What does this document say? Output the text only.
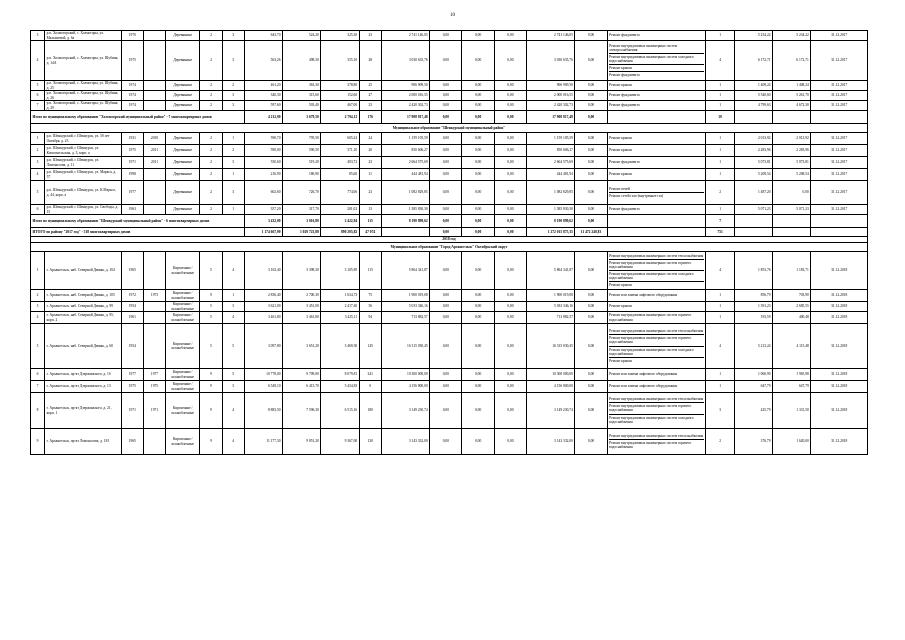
10
3	р.п. Холмогорский, с. Холмогоры, ул. Малышевой, д. 6а	1970		Деревянные	2	3	643,70	524,20	325,30	23	2 741 146,05	0,00	0,00	0,00	2 741 146,05	0,00	Ремонт фундамента	1	5 234,22	5 234,22	31.12.2017
4	р.п. Холмогорский, с. Холмогоры, ул. Шубина, д. 14А	1975		Деревянные	2	3	563,26	498,30	355,10	28	3 030 635,76	0,00	0,00	0,00	3 030 635,76	0,00	Ремонт внутридомовых инженерных систем электроснабжения
Ремонт внутридомовых инженерных систем холодного водоснабжения
Ремонт крыши
Ремонт фундамента	4	6 172,71	6 172,71	31.12.2017
5	р.п. Холмогорский, с. Холмогоры, ул. Шубина, д. 25	1974		Деревянные	2	2	461,20	363,30	378,80	25	906 909,50	0,00	0,00	0,00	906 909,50	0,00	Ремонт крыши	1	1 408,24	1 408,24	31.12.2017
6	р.п. Холмогорский, с. Холмогоры, ул. Шубина, д. 26	1974		Деревянные	2	3	340,30	315,60	152,60	27	2 000 016,55	0,00	0,00	0,00	2 000 016,55	0,00	Ремонт фундамента	1	5 540,60	5 261,70	31.12.2017
7	р.п. Холмогорский, с. Холмогоры, ул. Шубина, д. 29	1974		Деревянные	2	3	597,60	503,40	467,00	23	2 420 302,73	0,00	0,00	0,00	2 420 302,73	0,00	Ремонт фундамента	1	4 799,63	4 672,30	31.12.2017
Итого по муниципальному образованию "Холмогорский муниципальный район" - 7 многоквартирных домов							4 212,00	3 679,50	2 794,12	176	17 908 817,48	0,00	0,00	0,00	17 908 817,48	0,00		10			
Муниципальное образование "Шенкурский муниципальный район"																					
1	р.п. Шенкурский, г. Шенкурск, ул. 50 лет Октября, д. 23	1931	2010	Деревянные	2	1	590,70	795,50	605,24	24	1 159 105,59	0,00	0,00	0,00	1 159 105,59	0,00	Ремонт крыши	1	2 013,92	2 013,92	31.12.2017
2	р.п. Шенкурский, г. Шенкурск, ул. Комсомольская, д. 3, корп. а	1975	2011	Деревянные	2	2	590,00	590,50	371,10	20	850 606,27	0,00	0,00	0,00	850 606,27	0,00	Ремонт крыши	1	2 283,96	2 283,96	31.12.2017
3	р.п. Шенкурский, г. Шенкурск, ул. Ломоносова, д. 11	1971	2011	Деревянные	2	3	550,60	519,20	403,72	23	2 664 575,69	0,00	0,00	0,00	2 664 575,69	0,00	Ремонт фундамента	1	5 073,81	5 073,81	31.12.2017
4	р.п. Шенкурский, г. Шенкурск, ул. Маркса, д. 57	1998		Деревянные	2	1	216,90	186,90	85,60	11	444 481,94	0,00	0,00	0,00	444 481,94	0,00	Ремонт крыши	1	5 208,54	5 208,54	31.12.2017
5	р.п. Шенкурский, г. Шенкурск, ул. К.Маркса, д. 44, корп. а	1977		Деревянные	2	3	602,60	726,70	774,06	23	1 082 829,85	0,00	0,00	0,00	1 082 829,85	0,00	Ремонт печей
Ремонт сетей газо-(внутреннее газ)	2	1 487,20	0,00	31.12.2017
6	р.п. Шенкурский, г. Шенкурск, ул. Свободы, д. 15	1963		Деревянные	2	1	357,20	317,70	201,02	13	1 385 830,30	0,00	0,00	0,00	1 385 830,30	0,00	Ремонт фундамента	1	5 071,23	5 071,23	31.12.2017
Итого по муниципальному образованию "Шенкурский муниципальный район" - 6 многоквартирных домов							3 432,00	3 016,80	2 422,94	115	8 190 899,62	0,00	0,00	0,00	8 190 899,62	0,00		7			
ИТОГО по району "2017 год" - 518 многоквартирных домов							1 174 667,90	1 029 723,88	890 205,82	47 074		0,00	0,00	0,00	1 272 015 875,35	11 472 248,83		751			
2018 год																					
Муниципальное образование "Город Архангельск" Октябрьский округ																					
1	г. Архангельск, наб. Северной Двины, д. 104	1965		Кирпичные / шлакоблочные	5	4	3 163,40	3 398,30	3 105,85	115	5 864 341,87	0,00	0,00	0,00	5 864 341,87	0,00	Ремонт внутридомовых инженерных систем теплоснабжения
Ремонт внутридомовых инженерных систем горячего водоснабжения
Ремонт внутридомовых инженерных систем холодного водоснабжения
Ремонт крыши	4	1 853,76	1 183,71	31.12.2018
2	г. Архангельск, наб. Северной Двины, д. 105	1972	1973	Кирпичные / шлакоблочные	9	1	2 836,40	2 700,30	1 634,73	75	1 900 019,08	0,00	0,00	0,00	1 900 019,08	0,00	Ремонт или замена лифтового оборудования	1	856,79	703,90	31.12.2018
3	г. Архангельск, наб. Северной Двины, д. 99	1954		Кирпичные / шлакоблочные	5	3	3 621,00	3 451,00	2 417,40	56	5 033 346,16	0,00	0,00	0,00	5 033 346,16	0,00	Ремонт крыши	1	1 391,23	2 685,55	31.12.2018
4	г. Архангельск, наб. Северной Двины, д. 95, корп. 2	1961		Кирпичные / шлакоблочные	5	4	3 461,80	3 461,80	3 425,11	94	713 882,57	0,00	0,00	0,00	713 882,57	0,00	Ремонт внутридомовых инженерных систем горячего водоснабжения	1	193,59	400,48	31.12.2018
5	г. Архангельск, наб. Северной Двины, д. 60	1954		Кирпичные / шлакоблочные	5	5	3 097,80	3 651,20	3 469,30	145	16 315 030,45	0,00	0,00	0,00	16 315 030,45	0,00	Ремонт внутридомовых инженерных систем теплоснабжения
Ремонт внутридомовых инженерных систем горячего водоснабжения
Ремонт внутридомовых инженерных систем холодного водоснабжения
Ремонт крыши	4	5 213,24	4 115,48	31.12.2018
6	г. Архангельск, пр-кт Дзержинского, д. 1б	1977	1977	Кирпичные / шлакоблочные	9	5	10 778,00	9 709,00	8 079,81	341	10 300 000,00	0,00	0,00	0,00	10 300 000,00	0,00	Ремонт или замена лифтового оборудования	1	1 060,90	1 965,98	31.12.2018
7	г. Архангельск, пр-кт Дзержинского, д. 13	1975	1975	Кирпичные / шлакоблочные	9	3	6 549,10	6 415,70	5 434,83	0	4 156 800,00	0,00	0,00	0,00	4 156 800,00	0,00	Ремонт или замена лифтового оборудования	1	647,79	647,79	31.12.2018
8	г. Архангельск, пр-кт Дзержинского, д. 21, корп. 1	1971	1971	Кирпичные / шлакоблочные	9	4	8 883,50	7 596,30	6 515,16	180	3 149 230,74	0,00	0,00	0,00	3 149 230,74	0,00	Ремонт внутридомовых инженерных систем теплоснабжения
Ремонт внутридомовых инженерных систем горячего водоснабжения
Ремонт внутридомовых инженерных систем холодного водоснабжения	3	425,79	1 331,50	31.12.2018
9	г. Архангельск, пр-кт Ломоносова, д. 181	1965		Кирпичные / шлакоблочные	9	4	11 177,30	9 851,20	9 367,00	130	3 143 332,00	0,00	0,00	0,00	3 143 332,00	0,00	Ремонт внутридомовых инженерных систем теплоснабжения
Ремонт внутридомовых инженерных систем горячего водоснабжения	2	376,79	1 620,00	31.12.2018
